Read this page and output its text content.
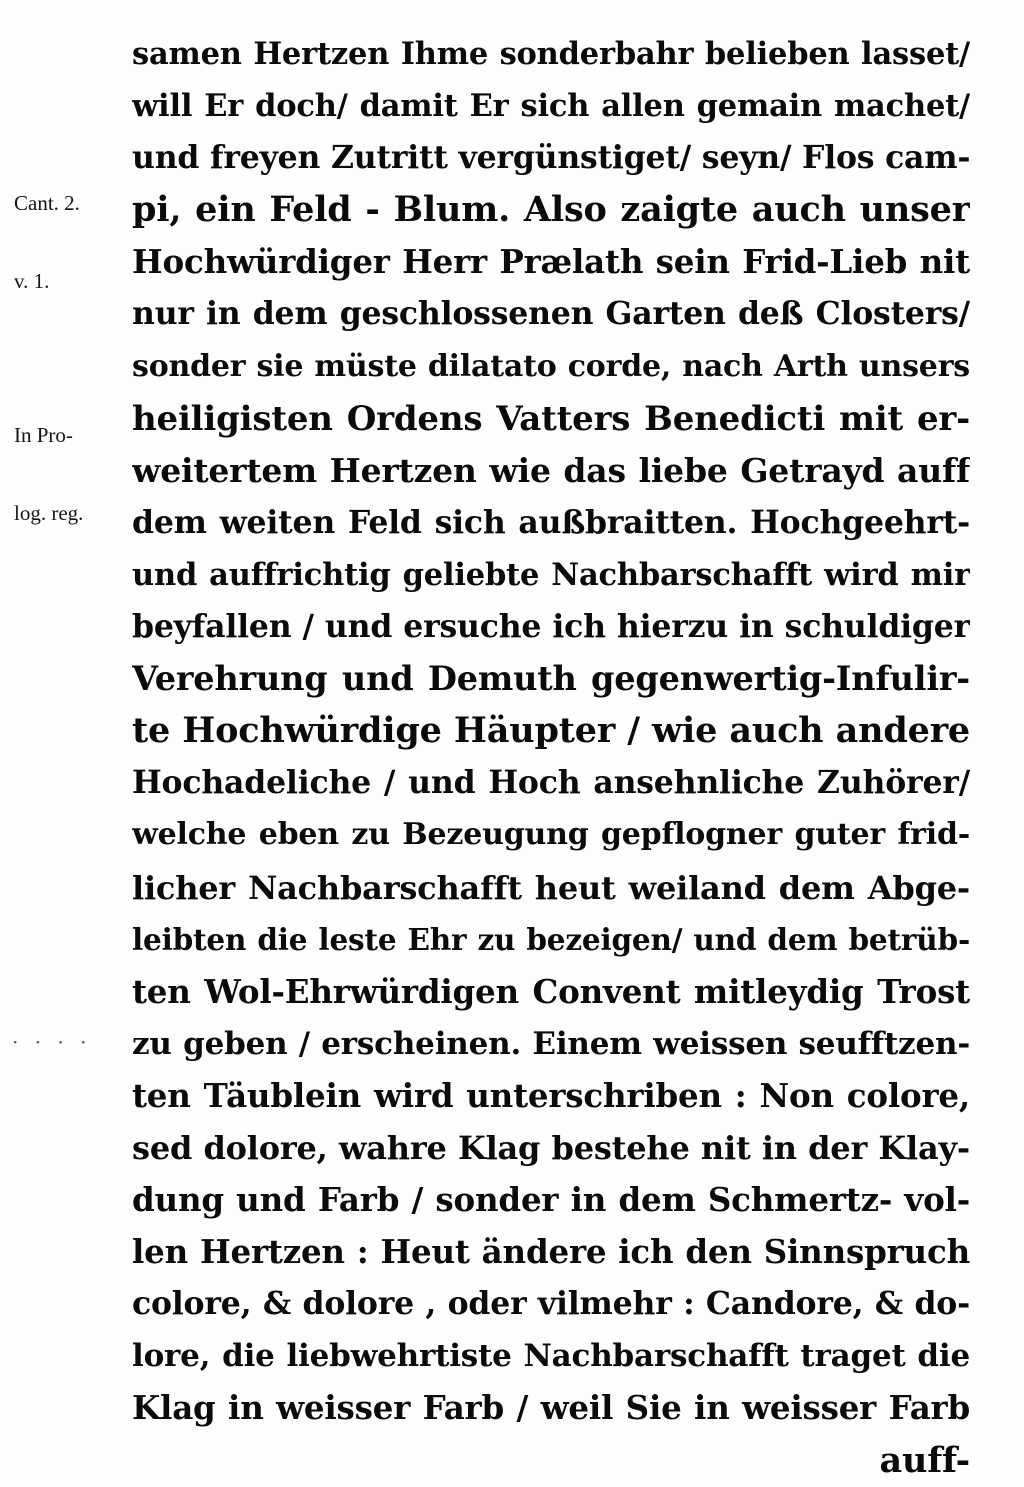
Cant. 2.

v. 1.

In Pro-

log. reg.

· · · ·
samen Hertzen Ihme sonderbahr belieben lasset/
will Er doch/ damit Er sich allen gemain machet/
und freyen Zutritt vergünstiget/ seyn/ Flos cam-
pi, ein Feld - Blum. Also zaigte auch unser
Hochwürdiger Herr Prælath sein Frid-Lieb nit
nur in dem geschlossenen Garten deß Closters/
sonder sie müste dilatato corde, nach Arth unsers
heiligisten Ordens Vatters Benedicti mit er-
weitertem Hertzen wie das liebe Getrayd auff
dem weiten Feld sich außbraitten. Hochgeehrt-
und auffrichtig geliebte Nachbarschafft wird mir
beyfallen / und ersuche ich hierzu in schuldiger
Verehrung und Demuth gegenwertig-Infulir-
te Hochwürdige Häupter / wie auch andere
Hochadeliche / und Hoch ansehnliche Zuhörer/
welche eben zu Bezeugung gepflogner guter frid-
licher Nachbarschafft heut weiland dem Abge-
leibten die leste Ehr zu bezeigen/ und dem betrüb-
ten Wol-Ehrwürdigen Convent mitleydig Trost
zu geben / erscheinen. Einem weissen seufftzen-
ten Täublein wird unterschriben : Non colore,
sed dolore, wahre Klag bestehe nit in der Klay-
dung und Farb / sonder in dem Schmertz- vol-
len Hertzen : Heut ändere ich den Sinnspruch
colore, & dolore , oder vilmehr : Candore, & do-
lore, die liebwehrtiste Nachbarschafft traget die
Klag in weisser Farb / weil Sie in weisser Farb
auff-
